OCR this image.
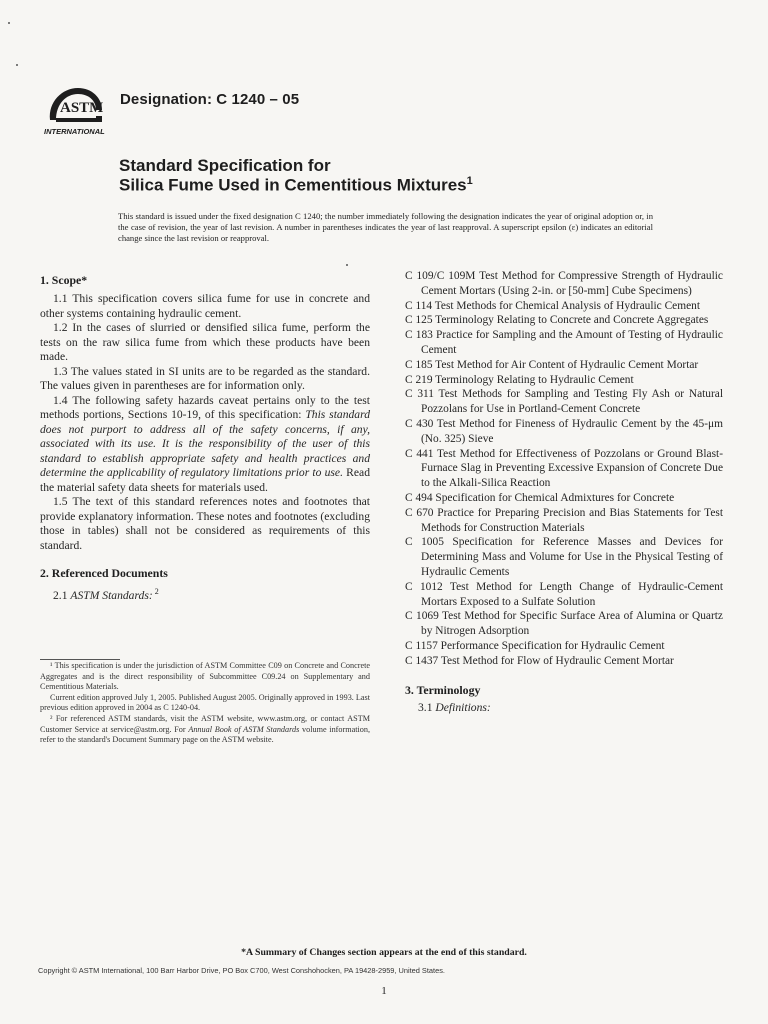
ASTM
INTERNATIONAL
Designation: C 1240 – 05
Standard Specification for
Silica Fume Used in Cementitious Mixtures$^1$
This standard is issued under the fixed designation C 1240; the number immediately following the designation indicates the year of original adoption or, in the case of revision, the year of last revision. A number in parentheses indicates the year of last reapproval. A superscript epsilon (ε) indicates an editorial change since the last revision or reapproval.
1. Scope*

1.1 This specification covers silica fume for use in concrete and other systems containing hydraulic cement.

1.2 In the cases of slurried or densified silica fume, perform the tests on the raw silica fume from which these products have been made.

1.3 The values stated in SI units are to be regarded as the standard. The values given in parentheses are for information only.

1.4 The following safety hazards caveat pertains only to the test methods portions, Sections 10-19, of this specification: This standard does not purport to address all of the safety concerns, if any, associated with its use. It is the responsibility of the user of this standard to establish appropriate safety and health practices and determine the applicability of regulatory limitations prior to use. Read the material safety data sheets for materials used.

1.5 The text of this standard references notes and footnotes that provide explanatory information. These notes and footnotes (excluding those in tables) shall not be considered as requirements of this standard.

2. Referenced Documents

2.1 ASTM Standards: $^2$

¹ This specification is under the jurisdiction of ASTM Committee C09 on Concrete and Concrete Aggregates and is the direct responsibility of Subcommittee C09.24 on Supplementary and Cementitious Materials.

Current edition approved July 1, 2005. Published August 2005. Originally approved in 1993. Last previous edition approved in 2004 as C 1240-04.

² For referenced ASTM standards, visit the ASTM website, www.astm.org, or contact ASTM Customer Service at service@astm.org. For Annual Book of ASTM Standards volume information, refer to the standard's Document Summary page on the ASTM website.

C 109/C 109M Test Method for Compressive Strength of Hydraulic Cement Mortars (Using 2-in. or [50-mm] Cube Specimens)

C 114 Test Methods for Chemical Analysis of Hydraulic Cement

C 125 Terminology Relating to Concrete and Concrete Aggregates

C 183 Practice for Sampling and the Amount of Testing of Hydraulic Cement

C 185 Test Method for Air Content of Hydraulic Cement Mortar

C 219 Terminology Relating to Hydraulic Cement

C 311 Test Methods for Sampling and Testing Fly Ash or Natural Pozzolans for Use in Portland-Cement Concrete

C 430 Test Method for Fineness of Hydraulic Cement by the 45-μm (No. 325) Sieve

C 441 Test Method for Effectiveness of Pozzolans or Ground Blast-Furnace Slag in Preventing Excessive Expansion of Concrete Due to the Alkali-Silica Reaction

C 494 Specification for Chemical Admixtures for Concrete

C 670 Practice for Preparing Precision and Bias Statements for Test Methods for Construction Materials

C 1005 Specification for Reference Masses and Devices for Determining Mass and Volume for Use in the Physical Testing of Hydraulic Cements

C 1012 Test Method for Length Change of Hydraulic-Cement Mortars Exposed to a Sulfate Solution

C 1069 Test Method for Specific Surface Area of Alumina or Quartz by Nitrogen Adsorption

C 1157 Performance Specification for Hydraulic Cement

C 1437 Test Method for Flow of Hydraulic Cement Mortar

3. Terminology

3.1 Definitions:

*A Summary of Changes section appears at the end of this standard.
Copyright © ASTM International, 100 Barr Harbor Drive, PO Box C700, West Conshohocken, PA 19428-2959, United States.
1
